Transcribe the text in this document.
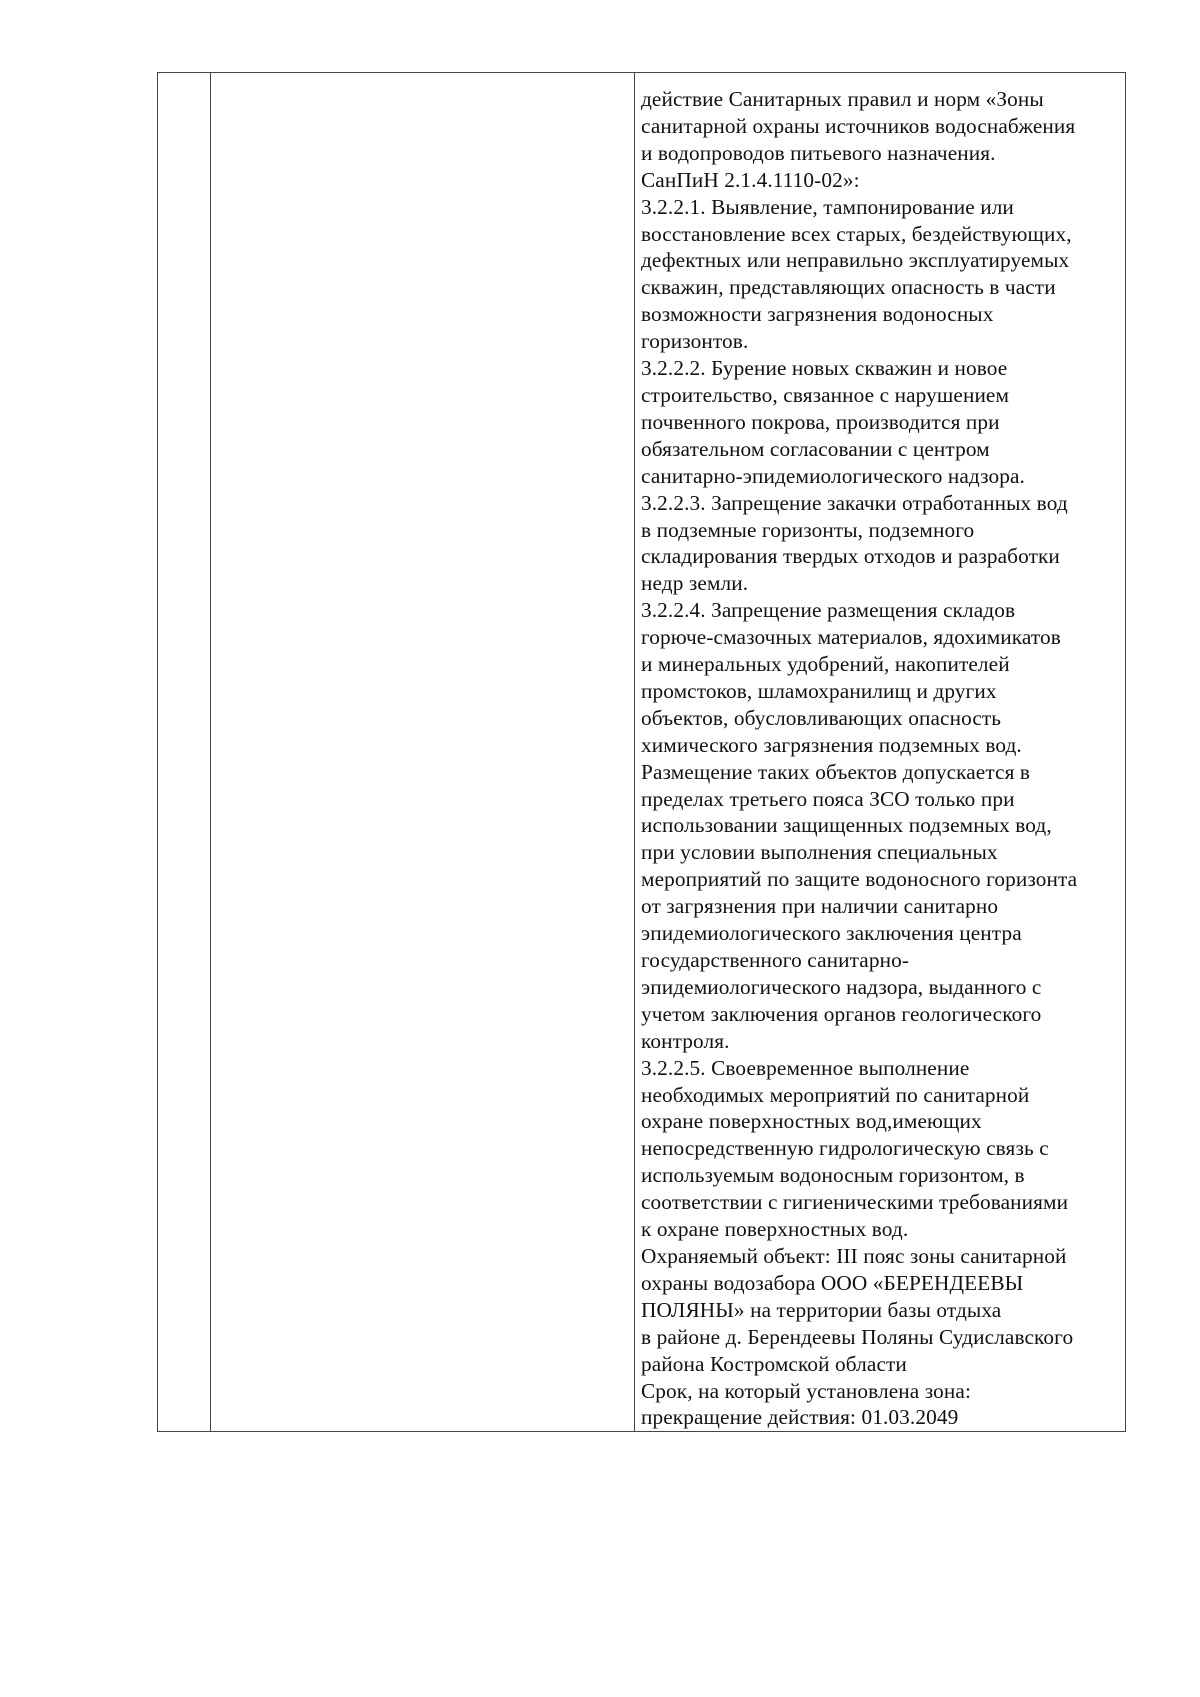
действие Санитарных правил и норм «Зоны
санитарной охраны источников водоснабжения
и водопроводов питьевого назначения.
СанПиН 2.1.4.1110-02»:
3.2.2.1. Выявление, тампонирование или
восстановление всех старых, бездействующих,
дефектных или неправильно эксплуатируемых
скважин, представляющих опасность в части
возможности загрязнения водоносных
горизонтов.
3.2.2.2. Бурение новых скважин и новое
строительство, связанное с нарушением
почвенного покрова, производится при
обязательном согласовании с центром
санитарно-эпидемиологического надзора.
3.2.2.3. Запрещение закачки отработанных вод
в подземные горизонты, подземного
складирования твердых отходов и разработки
недр земли.
3.2.2.4. Запрещение размещения складов
горюче-смазочных материалов, ядохимикатов
и минеральных удобрений, накопителей
промстоков, шламохранилищ и других
объектов, обусловливающих опасность
химического загрязнения подземных вод.
Размещение таких объектов допускается в
пределах третьего пояса ЗСО только при
использовании защищенных подземных вод,
при условии выполнения специальных
мероприятий по защите водоносного горизонта
от загрязнения при наличии санитарно
эпидемиологического заключения центра
государственного санитарно-
эпидемиологического надзора, выданного с
учетом заключения органов геологического
контроля.
3.2.2.5. Своевременное выполнение
необходимых мероприятий по санитарной
охране поверхностных вод,имеющих
непосредственную гидрологическую связь с
используемым водоносным горизонтом, в
соответствии с гигиеническими требованиями
к охране поверхностных вод.
Охраняемый объект: III пояс зоны санитарной
охраны водозабора ООО «БЕРЕНДЕЕВЫ
ПОЛЯНЫ» на территории базы отдыха
в районе д. Берендеевы Поляны Судиславского
района Костромской области
Срок, на который установлена зона:
прекращение действия: 01.03.2049
